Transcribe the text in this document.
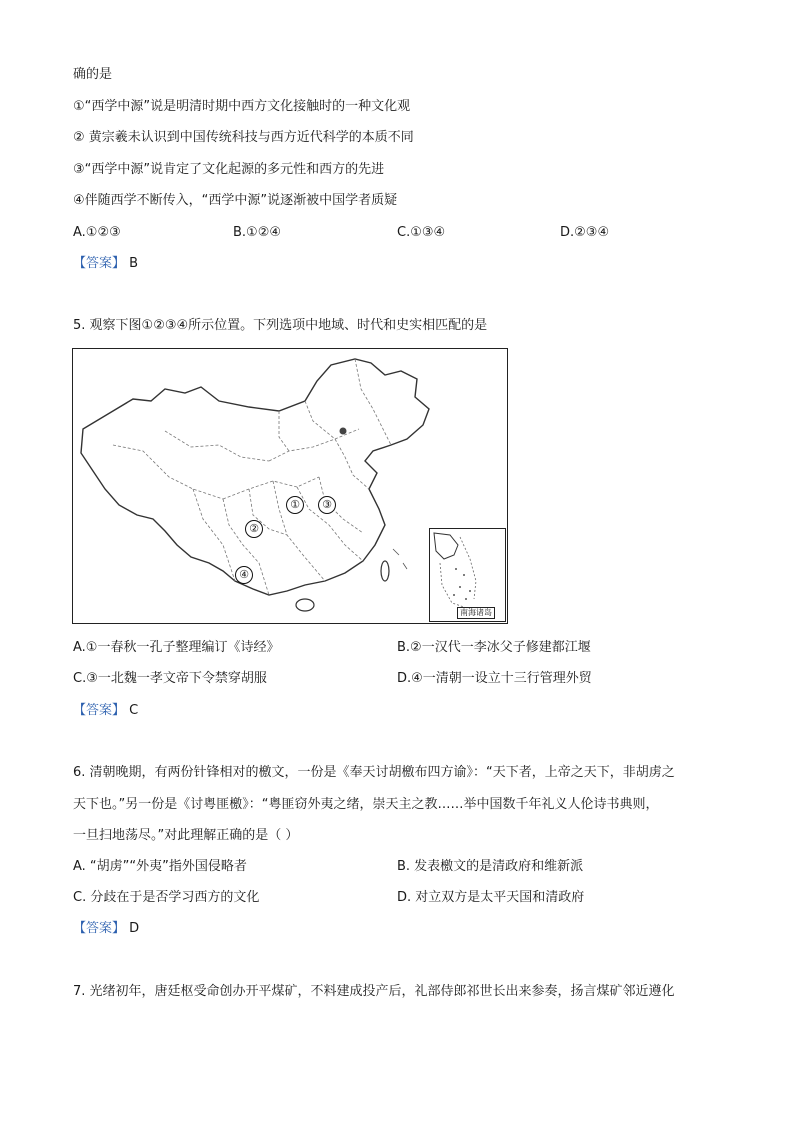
确的是
①“西学中源”说是明清时期中西方文化接触时的一种文化观
② 黄宗羲未认识到中国传统科技与西方近代科学的本质不同
③“西学中源”说肯定了文化起源的多元性和西方的先进
④伴随西学不断传入，“西学中源”说逐渐被中国学者质疑
A.①②③	B.①②④	C.①③④	D.②③④
【答案】 B
5. 观察下图①②③④所示位置。下列选项中地域、时代和史实相匹配的是
①
②
③
④
南海诸岛
A.①一春秋一孔子整理编订《诗经》	B.②一汉代一李冰父子修建都江堰
C.③一北魏一孝文帝下令禁穿胡服	D.④一清朝一设立十三行管理外贸
【答案】 C
6. 清朝晚期，有两份针锋相对的檄文，一份是《奉天讨胡檄布四方谕》：“天下者，上帝之天下，非胡虏之
天下也。”另一份是《讨粤匪檄》：“粤匪窃外夷之绪，崇天主之教……举中国数千年礼义人伦诗书典则，
一旦扫地荡尽。”对此理解正确的是（ ）
A. “胡虏”“外夷”指外国侵略者	B. 发表檄文的是清政府和维新派
C. 分歧在于是否学习西方的文化	D. 对立双方是太平天国和清政府
【答案】 D
7. 光绪初年，唐廷枢受命创办开平煤矿，不料建成投产后，礼部侍郎祁世长出来参奏，扬言煤矿邻近遵化
